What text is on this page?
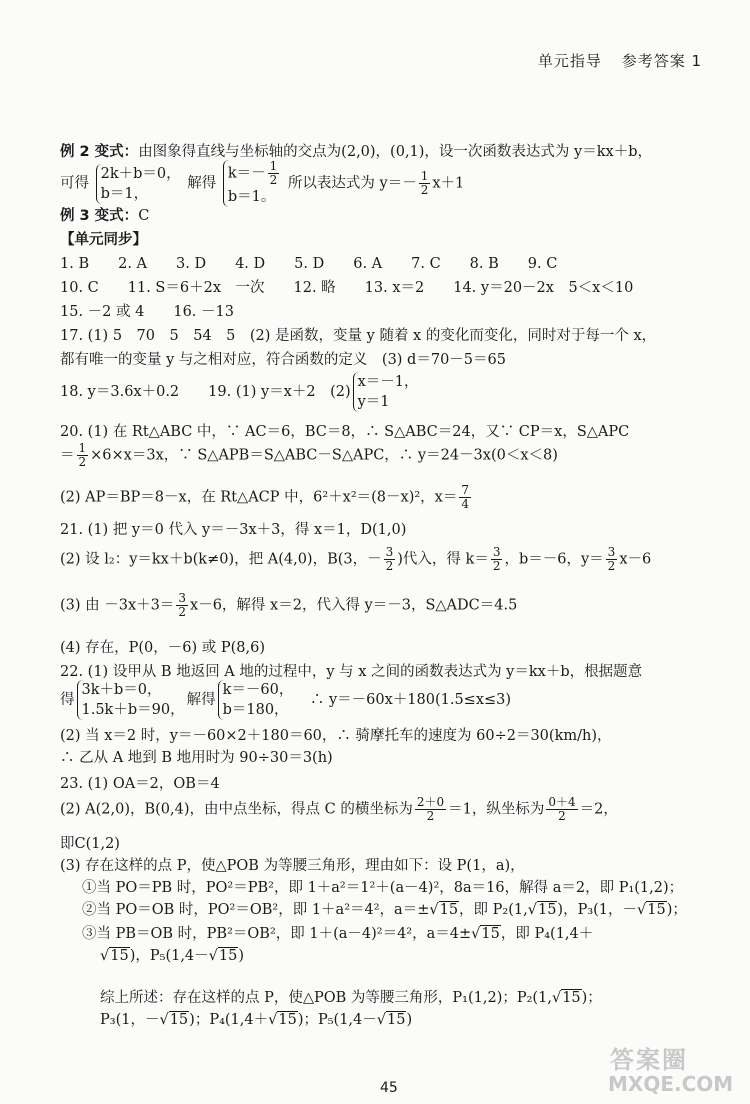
单元指导 参考答案 1
例 2 变式：由图象得直线与坐标轴的交点为(2,0)，(0,1)，设一次函数表达式为 y＝kx＋b，
可得
2k＋b＝0，
b＝1，
解得
$k=- \frac{1}{2}$
b＝1。
所以表达式为 $y=- \frac{1}{2} x+1$
例 3 变式：C
【单元同步】
1. B　　2. A　　3. D　　4. D　　5. D　　6. A　　7. C　　8. B　　9. C
10. C　　11. S＝6＋2x　一次　　12. 略　　13. x＝2　　14. y＝20－2x　5＜x＜10
15. －2 或 4　　16. －13
17. (1) 5　70　5　54　5　(2) 是函数，变量 y 随着 x 的变化而变化，同时对于每一个 x，
都有唯一的变量 y 与之相对应，符合函数的定义　(3) d＝70－5＝65
18. y＝3.6x＋0.2　　19. (1) y＝x＋2　(2)
x＝－1，
y＝1
20. (1) 在 Rt△ABC 中，∵ AC＝6，BC＝8，∴ S△ABC＝24，又∵ CP＝x，S△APC
＝ $\frac{1}{2} \times 6\times x=3x$，∵ S△APB＝S△ABC－S△APC，∴ y＝24－3x(0＜x＜8)
(2) AP＝BP＝8－x，在 Rt△ACP 中，6²＋x²＝(8－x)²，$x= \frac{7}{4}$
21. (1) 把 y＝0 代入 y＝－3x＋3，得 x＝1，D(1,0)
(2) 设 l₂：y＝kx＋b(k≠0)，把 A(4,0)，B(3，－ $\frac{3}{2}$ )代入，得 $k= \frac{3}{2}$ ，b＝－6，$y= \frac{3}{2} x-6$
(3) 由 $-3x+3= \frac{3}{2} x-6$，解得 x＝2，代入得 y＝－3，S△ADC＝4.5
(4) 存在，P(0，－6) 或 P(8,6)
22. (1) 设甲从 B 地返回 A 地的过程中，y 与 x 之间的函数表达式为 y＝kx＋b，根据题意
得
3k＋b＝0，
1.5k＋b＝90，
解得
k＝－60，
b＝180，
　∴ y＝－60x＋180(1.5≤x≤3)
(2) 当 x＝2 时，y＝－60×2＋180＝60，∴ 骑摩托车的速度为 60÷2＝30(km/h)，
∴ 乙从 A 地到 B 地用时为 90÷30＝3(h)
23. (1) OA＝2，OB＝4
(2) A(2,0)，B(0,4)，由中点坐标，得点 C 的横坐标为 $\frac{2+0}{2} =1$，纵坐标为 $\frac{0+4}{2} =2$，
即C(1,2)
(3) 存在这样的点 P，使△POB 为等腰三角形，理由如下：设 P(1，a)，
①当 PO＝PB 时，PO²＝PB²，即 1＋a²＝1²＋(a－4)²，8a＝16，解得 a＝2，即 P₁(1,2)；
②当 PO＝OB 时，PO²＝OB²，即 1＋a²＝4²，a＝±√15，即 P₂(1,√15)，P₃(1，－√15)；
③当 PB＝OB 时，PB²＝OB²，即 1＋(a－4)²＝4²，a＝4±√15，即 P₄(1,4＋
√15)，P₅(1,4－√15)
综上所述：存在这样的点 P，使△POB 为等腰三角形，P₁(1,2)；P₂(1,√15)；
P₃(1，－√15)；P₄(1,4＋√15)；P₅(1,4－√15)
答案圈
MXQE.COM
45
